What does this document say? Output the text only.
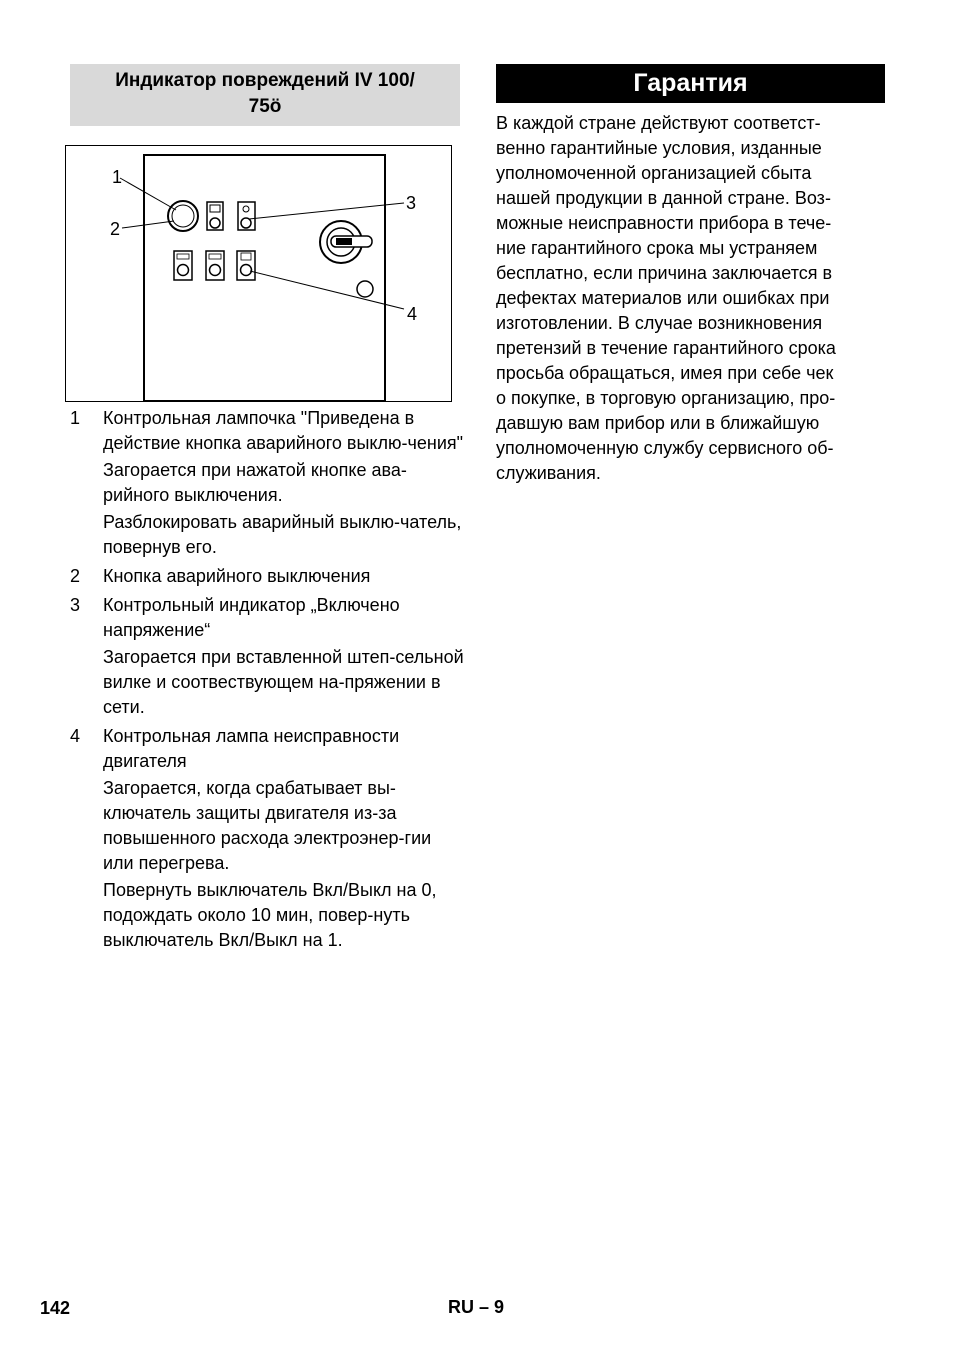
Индикатор повреждений IV 100/
75ö
1
2
3
4
1	Контрольная лампочка "Приведена в действие кнопка аварийного выклю-чения"

Загорается при нажатой кнопке ава-рийного выключения.

Разблокировать аварийный выклю-чатель, повернув его.

2	Кнопка аварийного выключения

3	Контрольный индикатор „Включено напряжение“

Загорается при вставленной штеп-сельной вилке и соотвествующем на-пряжении в сети.

4	Контрольная лампа неисправности двигателя

Загорается, когда срабатывает вы-ключатель защиты двигателя из-за повышенного расхода электроэнер-гии или перегрева.

Повернуть выключатель Вкл/Выкл на 0, подождать около 10 мин, повер-нуть выключатель Вкл/Выкл на 1.

Гарантия
В каждой стране действуют соответст-
венно гарантийные условия, изданные
уполномоченной организацией сбыта
нашей продукции в данной стране. Воз-
можные неисправности прибора в тече-
ние гарантийного срока мы устраняем
бесплатно, если причина заключается в
дефектах материалов или ошибках при
изготовлении. В случае возникновения
претензий в течение гарантийного срока
просьба обращаться, имея при себе чек
о покупке, в торговую организацию, про-
давшую вам прибор или в ближайшую
уполномоченную службу сервисного об-
служивания.
142	RU – 9
